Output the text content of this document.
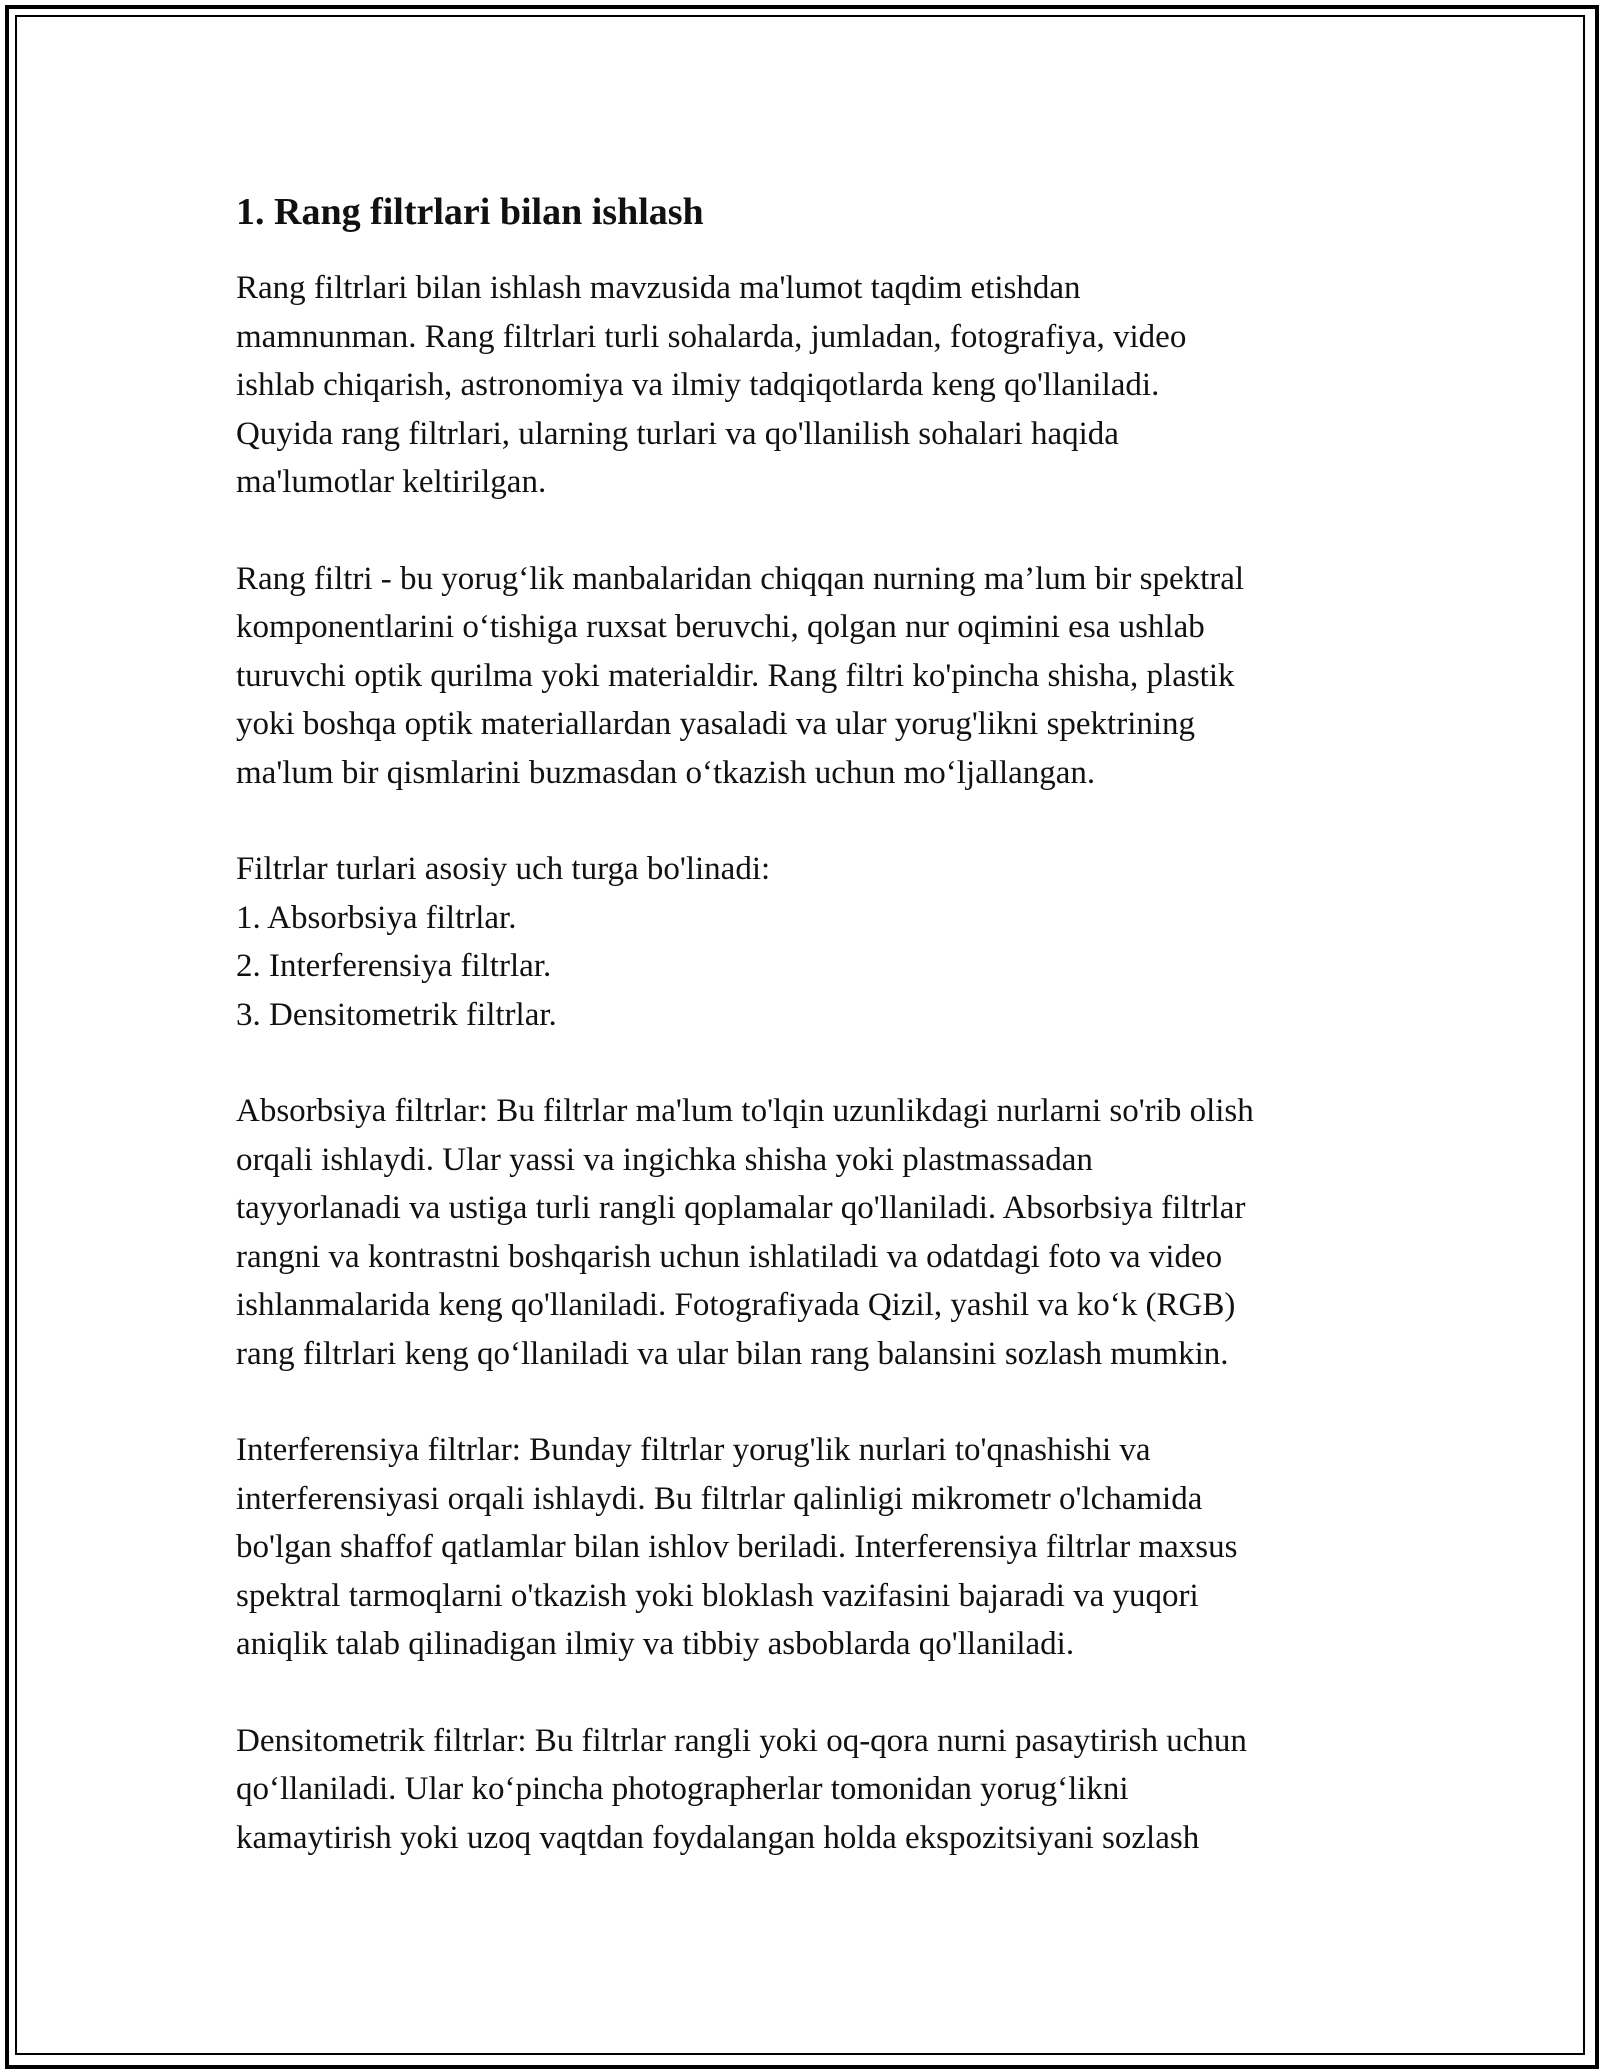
1. Rang filtrlari bilan ishlash
Rang filtrlari bilan ishlash mavzusida ma'lumot taqdim etishdan
mamnunman. Rang filtrlari turli sohalarda, jumladan, fotografiya, video
ishlab chiqarish, astronomiya va ilmiy tadqiqotlarda keng qo'llaniladi.
Quyida rang filtrlari, ularning turlari va qo'llanilish sohalari haqida
ma'lumotlar keltirilgan.
Rang filtri - bu yorug‘lik manbalaridan chiqqan nurning ma’lum bir spektral
komponentlarini o‘tishiga ruxsat beruvchi, qolgan nur oqimini esa ushlab
turuvchi optik qurilma yoki materialdir. Rang filtri ko'pincha shisha, plastik
yoki boshqa optik materiallardan yasaladi va ular yorug'likni spektrining
ma'lum bir qismlarini buzmasdan o‘tkazish uchun mo‘ljallangan.
Filtrlar turlari asosiy uch turga bo'linadi:
1. Absorbsiya filtrlar.
2. Interferensiya filtrlar.
3. Densitometrik filtrlar.
Absorbsiya filtrlar: Bu filtrlar ma'lum to'lqin uzunlikdagi nurlarni so'rib olish
orqali ishlaydi. Ular yassi va ingichka shisha yoki plastmassadan
tayyorlanadi va ustiga turli rangli qoplamalar qo'llaniladi. Absorbsiya filtrlar
rangni va kontrastni boshqarish uchun ishlatiladi va odatdagi foto va video
ishlanmalarida keng qo'llaniladi. Fotografiyada Qizil, yashil va ko‘k (RGB)
rang filtrlari keng qo‘llaniladi va ular bilan rang balansini sozlash mumkin.
Interferensiya filtrlar: Bunday filtrlar yorug'lik nurlari to'qnashishi va
interferensiyasi orqali ishlaydi. Bu filtrlar qalinligi mikrometr o'lchamida
bo'lgan shaffof qatlamlar bilan ishlov beriladi. Interferensiya filtrlar maxsus
spektral tarmoqlarni o'tkazish yoki bloklash vazifasini bajaradi va yuqori
aniqlik talab qilinadigan ilmiy va tibbiy asboblarda qo'llaniladi.
Densitometrik filtrlar: Bu filtrlar rangli yoki oq-qora nurni pasaytirish uchun
qo‘llaniladi. Ular ko‘pincha photographerlar tomonidan yorug‘likni
kamaytirish yoki uzoq vaqtdan foydalangan holda ekspozitsiyani sozlash
